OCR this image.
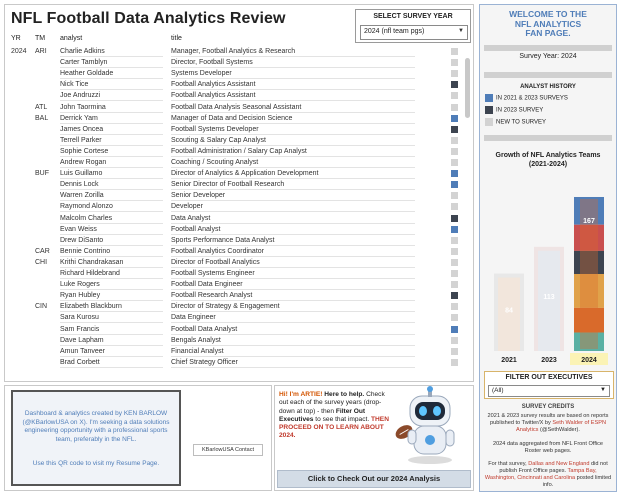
NFL Football Data Analytics Review	SELECT SURVEY YEAR
2024 (nfl team pgs)	▼
YR TM analyst	title
2024 ARI Charlie Adkins	Manager, Football Analytics & Research
Carter Tamblyn	Director, Football Systems
Heather Goldade	Systems Developer
Nick Tice	Football Analytics Assistant
Joe Andruzzi	Football Analytics Assistant
ATL John Taormina	Football Data Analysis Seasonal Assistant
BAL Derrick Yam	Manager of Data and Decision Science
James Oncea	Football Systems Developer
Terrell Parker	Scouting & Salary Cap Analyst
Sophie Cortese	Football Administration / Salary Cap Analyst
Andrew Rogan	Coaching / Scouting Analyst
BUF Luis Guillamo	Director of Analytics & Application Development
Dennis Lock	Senior Director of Football Research
Warren Zorilla	Senior Developer
Raymond Alonzo	Developer
Malcolm Charles	Data Analyst
Evan Weiss	Football Analyst
Drew DiSanto	Sports Performance Data Analyst
CAR Bennie Contrino	Football Analytics Coordinator
CHI Krithi Chandrakasan	Director of Football Analytics
Richard Hildebrand	Football Systems Engineer
Luke Rogers	Football Data Engineer
Ryan Hubley	Football Research Analyst
CIN Elizabeth Blackburn	Director of Strategy & Engagement
Sara Kurosu	Data Engineer
Sam Francis	Football Data Analyst
Dave Lapham	Bengals Analyst
Amun Tanveer	Financial Analyst
Brad Corbett	Chief Strategy Officer
WELCOME TO THE
NFL ANALYTICS
FAN PAGE.
Survey Year: 2024
ANALYST HISTORY
IN 2021 & 2023 SURVEYS
IN 2023 SURVEY
NEW TO SURVEY
Growth of NFL Analytics Teams
(2021-2024)
84
2021
113
2023
167
2024
FILTER OUT EXECUTIVES
(All)	▼
SURVEY CREDITS
2021 & 2023 survey results are based on reports published to Twitter/X by Seth Walder of ESPN Analytics (@SethWalder).
2024 data aggregated from NFL Front Office Roster web pages.
For that survey, Dallas and New England did not publish Front Office pages. Tampa Bay, Washington, Cincinnati and Carolina posted limited info.
Dashboard & analytics created by KEN BARLOW (@KBarlowUSA on X). I'm seeking a data solutions engineering opportunity with a professional sports team, preferably in the NFL.
Use this QR code to visit my Resume Page.
KBarlowUSA Contact
Hi! I'm ARTIE! Here to help. Check out each of the survey years (drop-down at top) - then Filter Out Executives to see that impact. THEN PROCEED ON TO LEARN ABOUT 2024.
Click to Check Out our 2024 Analysis
